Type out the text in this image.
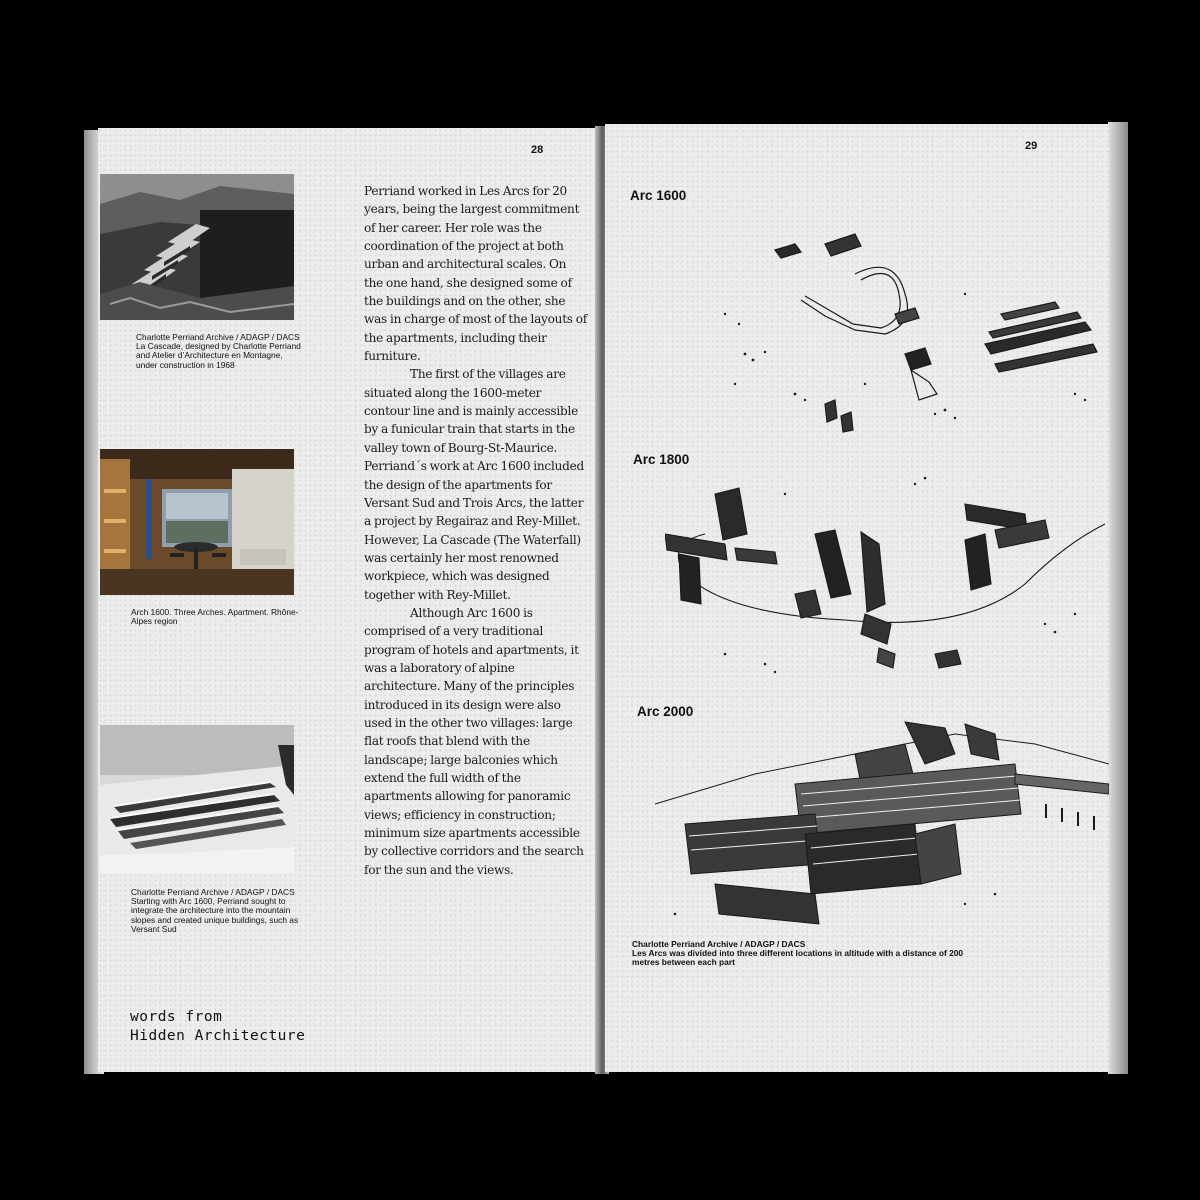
28
Charlotte Perriand Archive / ADAGP / DACS
La Cascade, designed by Charlotte Perriand and Atelier d’Architecture en Montagne, under construction in 1968
Arch 1600. Three Arches. Apartment. Rhône-Alpes region
Charlotte Perriand Archive / ADAGP / DACS
Starting with Arc 1600, Perriand sought to integrate the architecture into the mountain slopes and created unique buildings, such as Versant Sud

Perriand worked in Les Arcs for 20 years, being the largest commitment of her career. Her role was the coordination of the project at both urban and architectural scales. On the one hand, she designed some of the buildings and on the other, she was in charge of most of the layouts of the apartments, including their furniture.

The first of the villages are situated along the 1600-meter contour line and is mainly accessible by a funicular train that starts in the valley town of Bourg-St-Maurice. Perriand´s work at Arc 1600 included the design of the apartments for Versant Sud and Trois Arcs, the latter a project by Regairaz and Rey-Millet. However, La Cascade (The Waterfall) was certainly her most renowned workpiece, which was designed together with Rey-Millet.

Although Arc 1600 is comprised of a very traditional program of hotels and apartments, it was a laboratory of alpine architecture. Many of the principles introduced in its design were also used in the other two villages: large flat roofs that blend with the landscape; large balconies which extend the full width of the apartments allowing for panoramic views; efficiency in construction; minimum size apartments accessible by collective corridors and the search for the sun and the views.

words from
Hidden Architecture
29
Arc 1600
Arc 1800
Arc 2000
Charlotte Perriand Archive / ADAGP / DACS
Les Arcs was divided into three different locations in altitude with a distance of 200 metres between each part
